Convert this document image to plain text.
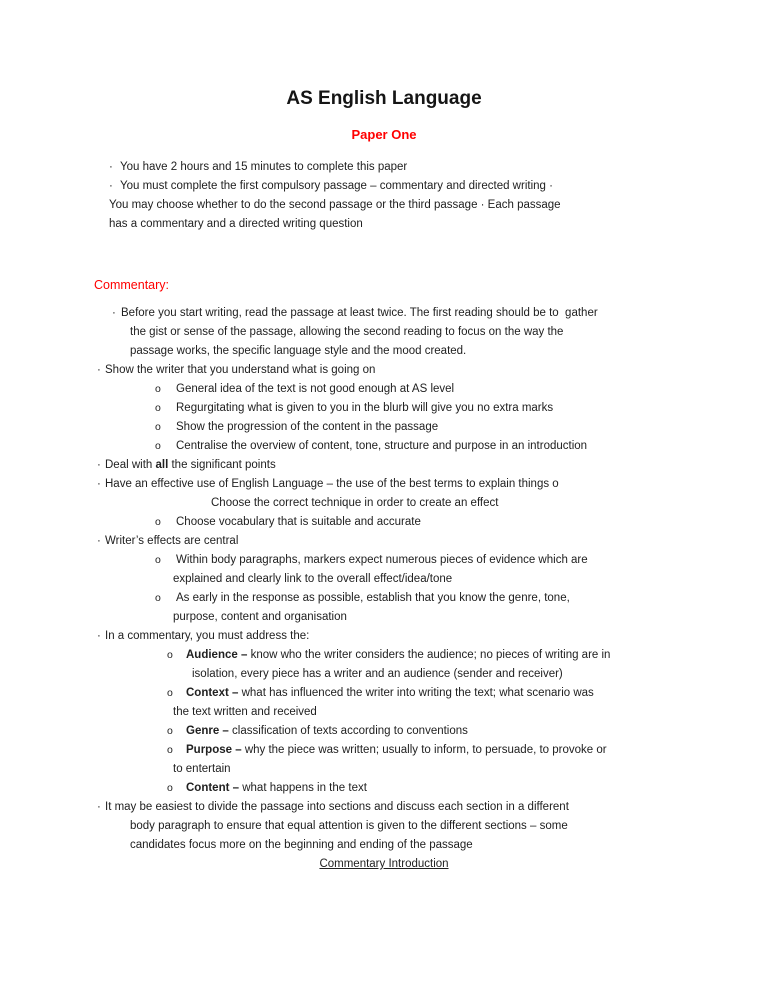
AS English Language
Paper One
· You have 2 hours and 15 minutes to complete this paper
· You must complete the first compulsory passage – commentary and directed writing ·
You may choose whether to do the second passage or the third passage · Each passage
has a commentary and a directed writing question
Commentary:
· Before you start writing, read the passage at least twice. The first reading should be to  gather
the gist or sense of the passage, allowing the second reading to focus on the way the
passage works, the specific language style and the mood created.
· Show the writer that you understand what is going on
o General idea of the text is not good enough at AS level
o Regurgitating what is given to you in the blurb will give you no extra marks
o Show the progression of the content in the passage
o Centralise the overview of content, tone, structure and purpose in an introduction
· Deal with all the significant points
· Have an effective use of English Language – the use of the best terms to explain things o
Choose the correct technique in order to create an effect
o Choose vocabulary that is suitable and accurate
· Writer’s effects are central
o Within body paragraphs, markers expect numerous pieces of evidence which are
explained and clearly link to the overall effect/idea/tone
o As early in the response as possible, establish that you know the genre, tone,
purpose, content and organisation
· In a commentary, you must address the:
o Audience – know who the writer considers the audience; no pieces of writing are in
isolation, every piece has a writer and an audience (sender and receiver)
o Context – what has influenced the writer into writing the text; what scenario was
the text written and received
o Genre – classification of texts according to conventions
o Purpose – why the piece was written; usually to inform, to persuade, to provoke or
to entertain
o Content – what happens in the text
· It may be easiest to divide the passage into sections and discuss each section in a different
body paragraph to ensure that equal attention is given to the different sections – some
candidates focus more on the beginning and ending of the passage
Commentary Introduction
